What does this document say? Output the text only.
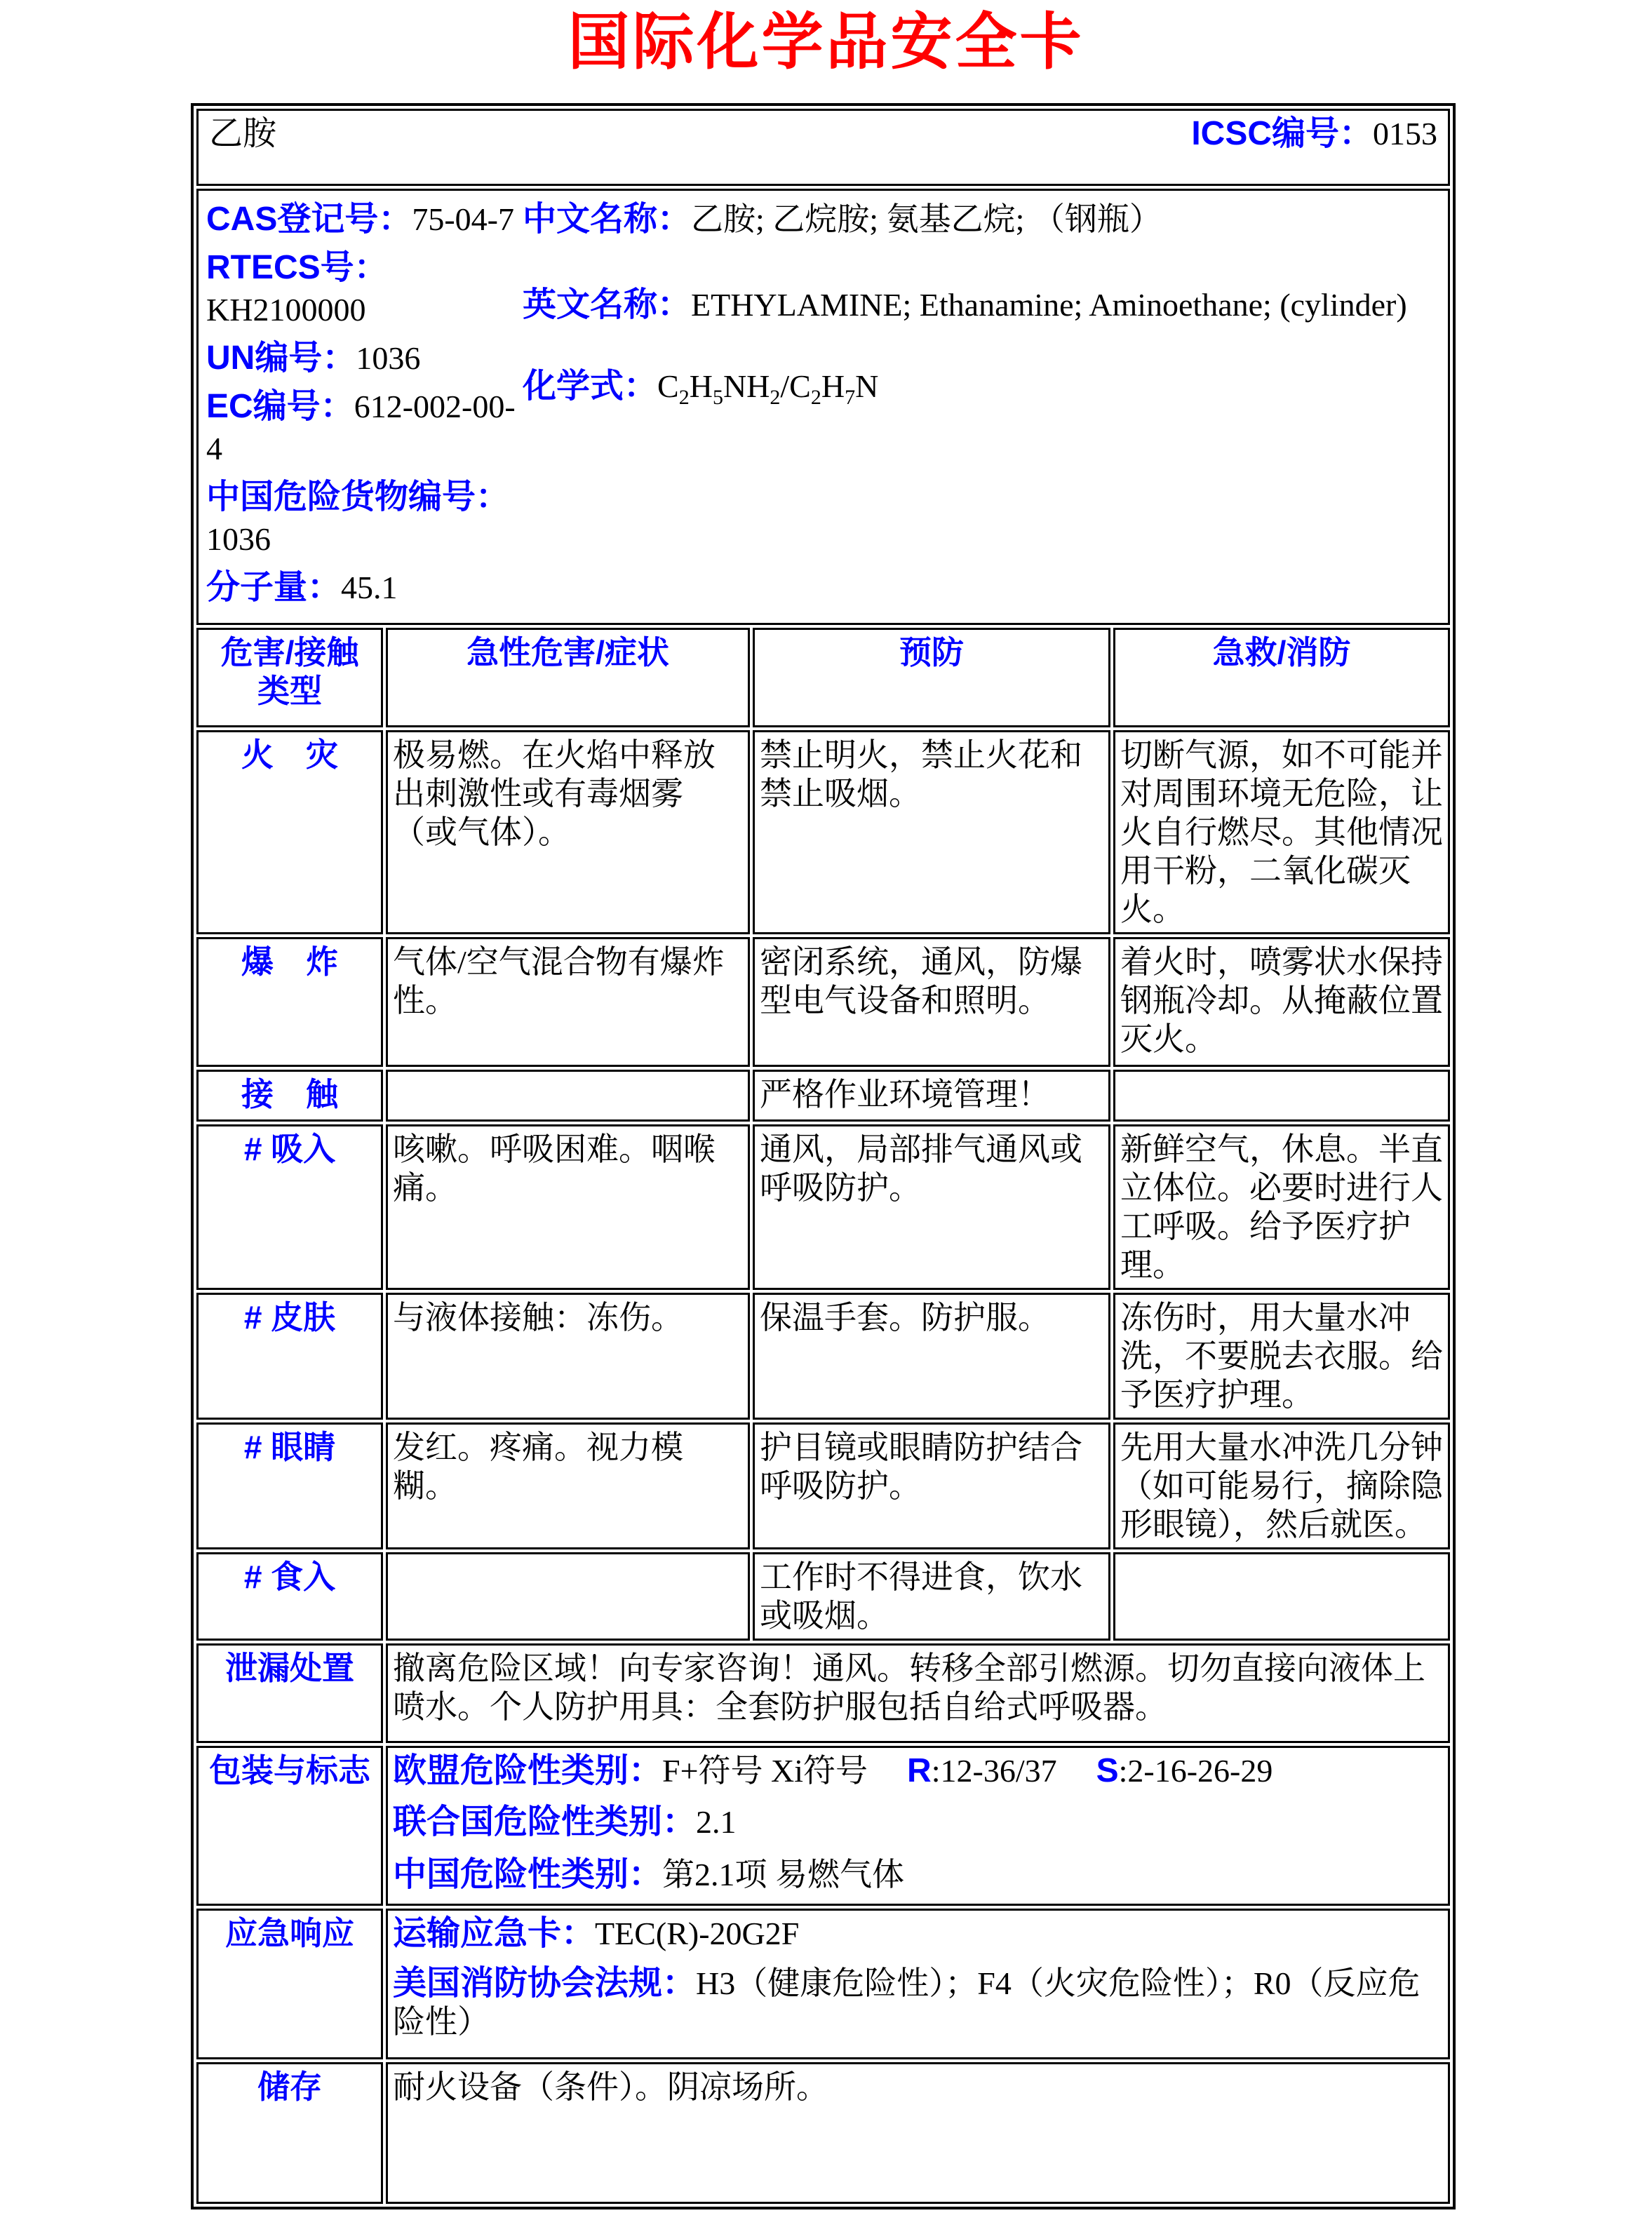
国际化学品安全卡
乙胺 ICSC编号：0153			

CAS登记号：75-04-7
RTECS号：KH2100000
UN编号：1036
EC编号：612-002-00-4
中国危险货物编号：1036
分子量：45.1
中文名称：乙胺; 乙烷胺; 氨基乙烷; （钢瓶）
英文名称：ETHYLAMINE; Ethanamine; Aminoethane; (cylinder)
化学式：$C_2H_5NH_2/C_2H_7N$

危害/接触
类型	急性危害/症状	预防	急救/消防
火　灾	极易燃。在火焰中释放出刺激性或有毒烟雾（或气体）。	禁止明火，禁止火花和禁止吸烟。	切断气源，如不可能并对周围环境无危险，让火自行燃尽。其他情况用干粉，二氧化碳灭火。
爆　炸	气体/空气混合物有爆炸性。	密闭系统，通风，防爆型电气设备和照明。	着火时，喷雾状水保持钢瓶冷却。从掩蔽位置灭火。
接　触		严格作业环境管理！	
# 吸入	咳嗽。呼吸困难。咽喉痛。	通风，局部排气通风或呼吸防护。	新鲜空气，休息。半直立体位。必要时进行人工呼吸。给予医疗护理。
# 皮肤	与液体接触：冻伤。	保温手套。防护服。	冻伤时，用大量水冲洗，不要脱去衣服。给予医疗护理。
# 眼睛	发红。疼痛。视力模糊。	护目镜或眼睛防护结合呼吸防护。	先用大量水冲洗几分钟（如可能易行，摘除隐形眼镜），然后就医。
# 食入		工作时不得进食，饮水或吸烟。	
泄漏处置	撤离危险区域！向专家咨询！通风。转移全部引燃源。切勿直接向液体上喷水。个人防护用具：全套防护服包括自给式呼吸器。		
包装与标志	欧盟危险性类别：F+符号 Xi符号 R:12-36/37 S:2-16-26-29

联合国危险性类别：2.1

中国危险性类别：第2.1项 易燃气体		

应急响应	运输应急卡：TEC(R)-20G2F

美国消防协会法规：H3（健康危险性）；F4（火灾危险性）；R0（反应危险性）		

储存	耐火设备（条件）。阴凉场所。		
